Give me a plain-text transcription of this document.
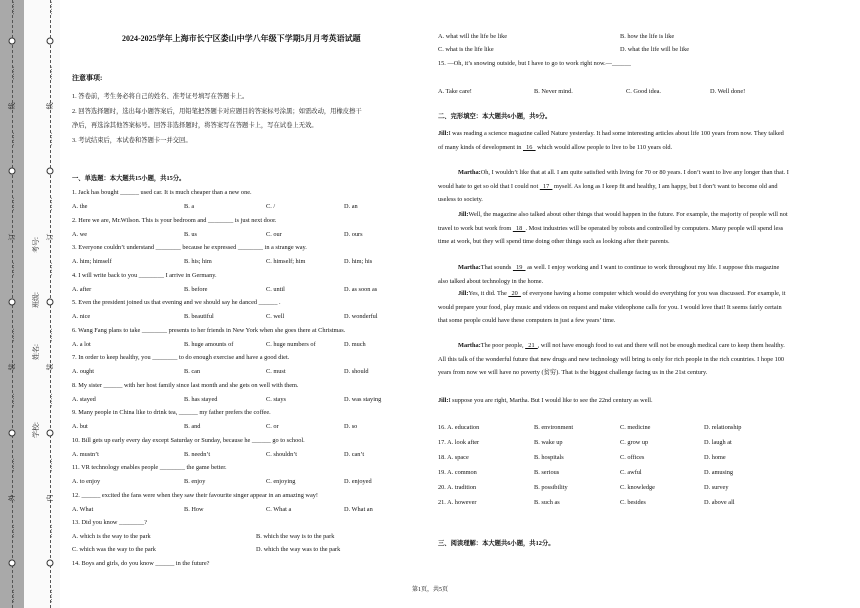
……
……
外
……
……
装
……
……
订
……
……
线
……
……
……
……
内
……
……
装
……
……
订
……
……
线
……
……
学校:
姓名:
班级:
考号:
2024-2025学年上海市长宁区娄山中学八年级下学期5月月考英语试题
注意事项:
1. 答卷前，考生务必将自己的姓名、准考证号填写在答题卡上。
2. 回答选择题时，选出每小题答案后，用铅笔把答题卡对应题目的答案标号涂黑；如需改动，用橡皮擦干
净后，再选涂其他答案标号。回答非选择题时，将答案写在答题卡上，写在试卷上无效。
3. 考试结束后，本试卷和答题卡一并交回。
一、单选题：本大题共15小题，共15分。
1. Jack has bought ______ used car. It is much cheaper than a new one.
A. the	B. a	C. /	D. an
2. Here we are, Mr.Wilson. This is your bedroom and ________ is just next door.
A. we	B. us	C. our	D. ours
3. Everyone couldn’t understand ________ because he expressed ________ in a strange way.
A. him; himself	B. his; him	C. himself; him	D. him; his
4. I will write back to you ________ I arrive in Germany.
A. after	B. before	C. until	D. as soon as
5. Even the president joined us that evening and we should say he danced ______ .
A. nice	B. beautiful	C. well	D. wonderful
6. Wang Fang plans to take ________ presents to her friends in New York when she goes there at Christmas.
A. a lot	B. huge amounts of	C. huge numbers of	D. much
7. In order to keep healthy, you ________ to do enough exercise and have a good diet.
A. ought	B. can	C. must	D. should
8. My sister ______ with her host family since last month and she gets on well with them.
A. stayed	B. has stayed	C. stays	D. was staying
9. Many people in China like to drink tea, ______ my father prefers the coffee.
A. but	B. and	C. or	D. so
10. Bill gets up early every day except Saturday or Sunday, because he ______ go to school.
A. mustn’t	B. needn’t	C. shouldn’t	D. can’t
11. VR technology enables people ________ the game better.
A. to enjoy	B. enjoy	C. enjoying	D. enjoyed
12. ______ excited the fans were when they saw their favourite singer appear in an amazing way!
A. What	B. How	C. What a	D. What an
13. Did you know ________?
A. which is the way to the park	B. which the way is to the park
C. which was the way to the park	D. which the way was to the park
14. Boys and girls, do you know ______ in the future?
A. what will the life be like	B. how the life is like
C. what is the life like	D. what the life will be like
15. —Oh, it’s snowing outside, but I have to go to work right now.—______
A. Take care!	B. Never mind.	C. Good idea.	D. Well done!
二、完形填空：本大题共6小题，共9分。
Jill:I was reading a science magazine called Nature yesterday. It had some interesting articles about life 100 years from now. They talked of many kinds of development in   16   which would allow people to live to be 110 years old.
Martha:Oh, I wouldn’t like that at all. I am quite satisfied with living for 70 or 80 years. I don’t want to live any longer than that. I would hate to get so old that I could not   17   myself. As long as I keep fit and healthy, I am happy, but I don’t want to become old and useless to society.
Jill:Well, the magazine also talked about other things that would happen in the future. For example, the majority of people will not travel to work but work from   18  . Most industries will be operated by robots and controlled by computers. Many people will spend less time at work, but they will spend time doing other things such as looking after their parents.
Martha:That sounds   19   as well. I enjoy working and I want to continue to work throughout my life. I suppose this magazine also talked about technology in the home.
Jill:Yes, it did. The   20   of everyone having a home computer which would do everything for you was discussed. For example, it would prepare your food, play music and videos on request and make videophone calls for you. I would love that! It seems fairly certain that some people could have these computers in just a few years’ time.
Martha:The poor people,   21  , will not have enough food to eat and there will not be enough medical care to keep them healthy. All this talk of the wonderful future that new drugs and new technology will bring is only for rich people in the rich countries. I hope 100 years from now we will have no poverty (贫穷). That is the biggest challenge facing us in the 21st century.
Jill:I suppose you are right, Martha. But I would like to see the 22nd century as well.
16. A. education	B. environment	C. medicine	D. relationship
17. A. look after	B. wake up	C. grow up	D. laugh at
18. A. space	B. hospitals	C. offices	D. home
19. A. common	B. serious	C. awful	D. amusing
20. A. tradition	B. possibility	C. knowledge	D. survey
21. A. however	B. such as	C. besides	D. above all
三、阅读理解：本大题共6小题，共12分。
第1页，共5页
